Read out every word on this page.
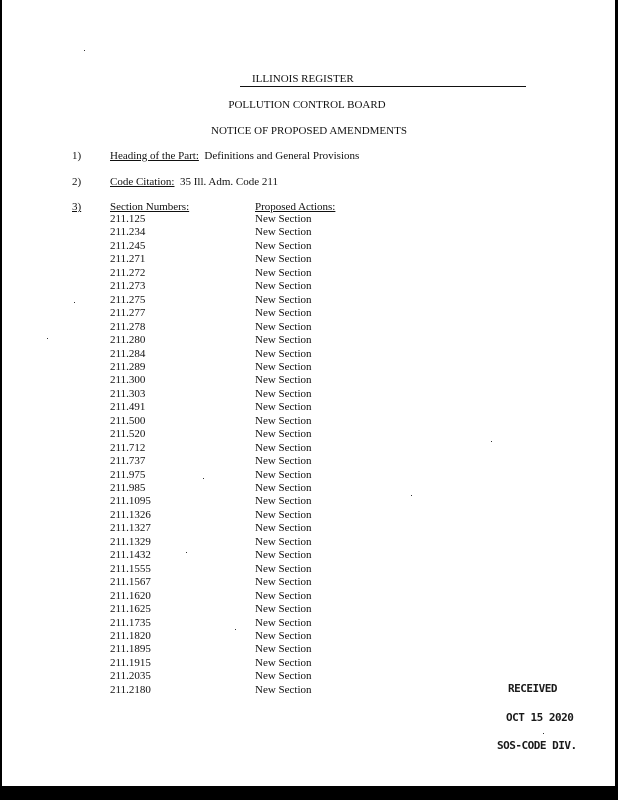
ILLINOIS REGISTER
POLLUTION CONTROL BOARD
NOTICE OF PROPOSED AMENDMENTS
1)	Heading of the Part: Definitions and General Provisions
2)	Code Citation: 35 Ill. Adm. Code 211
3)	Section Numbers:	Proposed Actions:
211.125	New Section
211.234	New Section
211.245	New Section
211.271	New Section
211.272	New Section
211.273	New Section
211.275	New Section
211.277	New Section
211.278	New Section
211.280	New Section
211.284	New Section
211.289	New Section
211.300	New Section
211.303	New Section
211.491	New Section
211.500	New Section
211.520	New Section
211.712	New Section
211.737	New Section
211.975	New Section
211.985	New Section
211.1095	New Section
211.1326	New Section
211.1327	New Section
211.1329	New Section
211.1432	New Section
211.1555	New Section
211.1567	New Section
211.1620	New Section
211.1625	New Section
211.1735	New Section
211.1820	New Section
211.1895	New Section
211.1915	New Section
211.2035	New Section
211.2180	New Section	RECEIVED
OCT 15 2020
SOS-CODE DIV.
